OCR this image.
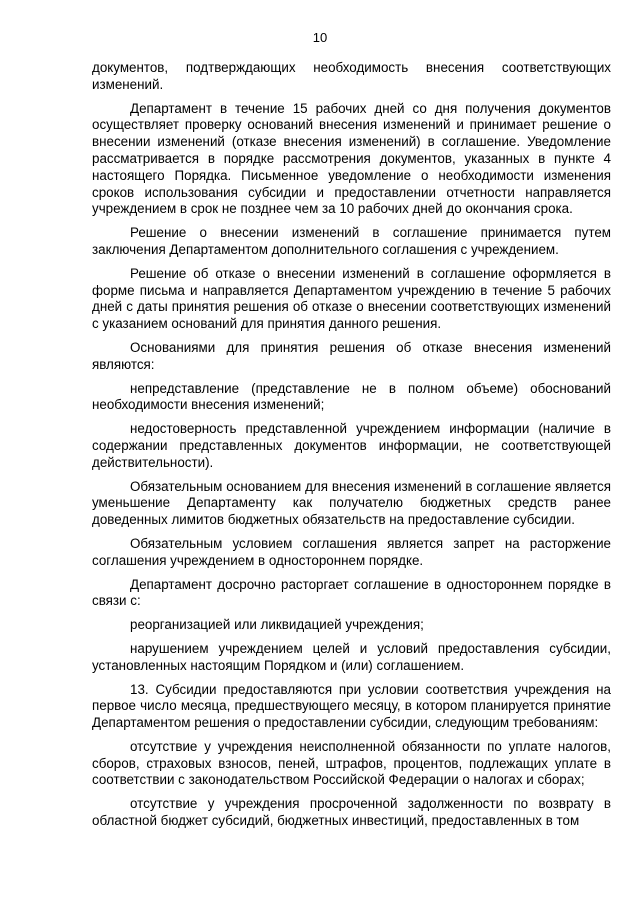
10

документов, подтверждающих необходимость внесения соответствующих изменений.

Департамент в течение 15 рабочих дней со дня получения документов осуществляет проверку оснований внесения изменений и принимает решение о внесении изменений (отказе внесения изменений) в соглашение. Уведомление рассматривается в порядке рассмотрения документов, указанных в пункте 4 настоящего Порядка. Письменное уведомление о необходимости изменения сроков использования субсидии и предоставлении отчетности направляется учреждением в срок не позднее чем за 10 рабочих дней до окончания срока.

Решение о внесении изменений в соглашение принимается путем заключения Департаментом дополнительного соглашения с учреждением.

Решение об отказе о внесении изменений в соглашение оформляется в форме письма и направляется Департаментом учреждению в течение 5 рабочих дней с даты принятия решения об отказе о внесении соответствующих изменений с указанием оснований для принятия данного решения.

Основаниями для принятия решения об отказе внесения изменений являются:

непредставление (представление не в полном объеме) обоснований необходимости внесения изменений;

недостоверность представленной учреждением информации (наличие в содержании представленных документов информации, не соответствующей действительности).

Обязательным основанием для внесения изменений в соглашение является уменьшение Департаменту как получателю бюджетных средств ранее доведенных лимитов бюджетных обязательств на предоставление субсидии.

Обязательным условием соглашения является запрет на расторжение соглашения учреждением в одностороннем порядке.

Департамент досрочно расторгает соглашение в одностороннем порядке в связи с:

реорганизацией или ликвидацией учреждения;

нарушением учреждением целей и условий предоставления субсидии, установленных настоящим Порядком и (или) соглашением.

13. Субсидии предоставляются при условии соответствия учреждения на первое число месяца, предшествующего месяцу, в котором планируется принятие Департаментом решения о предоставлении субсидии, следующим требованиям:

отсутствие у учреждения неисполненной обязанности по уплате налогов, сборов, страховых взносов, пеней, штрафов, процентов, подлежащих уплате в соответствии с законодательством Российской Федерации о налогах и сборах;

отсутствие у учреждения просроченной задолженности по возврату в областной бюджет субсидий, бюджетных инвестиций, предоставленных в том
